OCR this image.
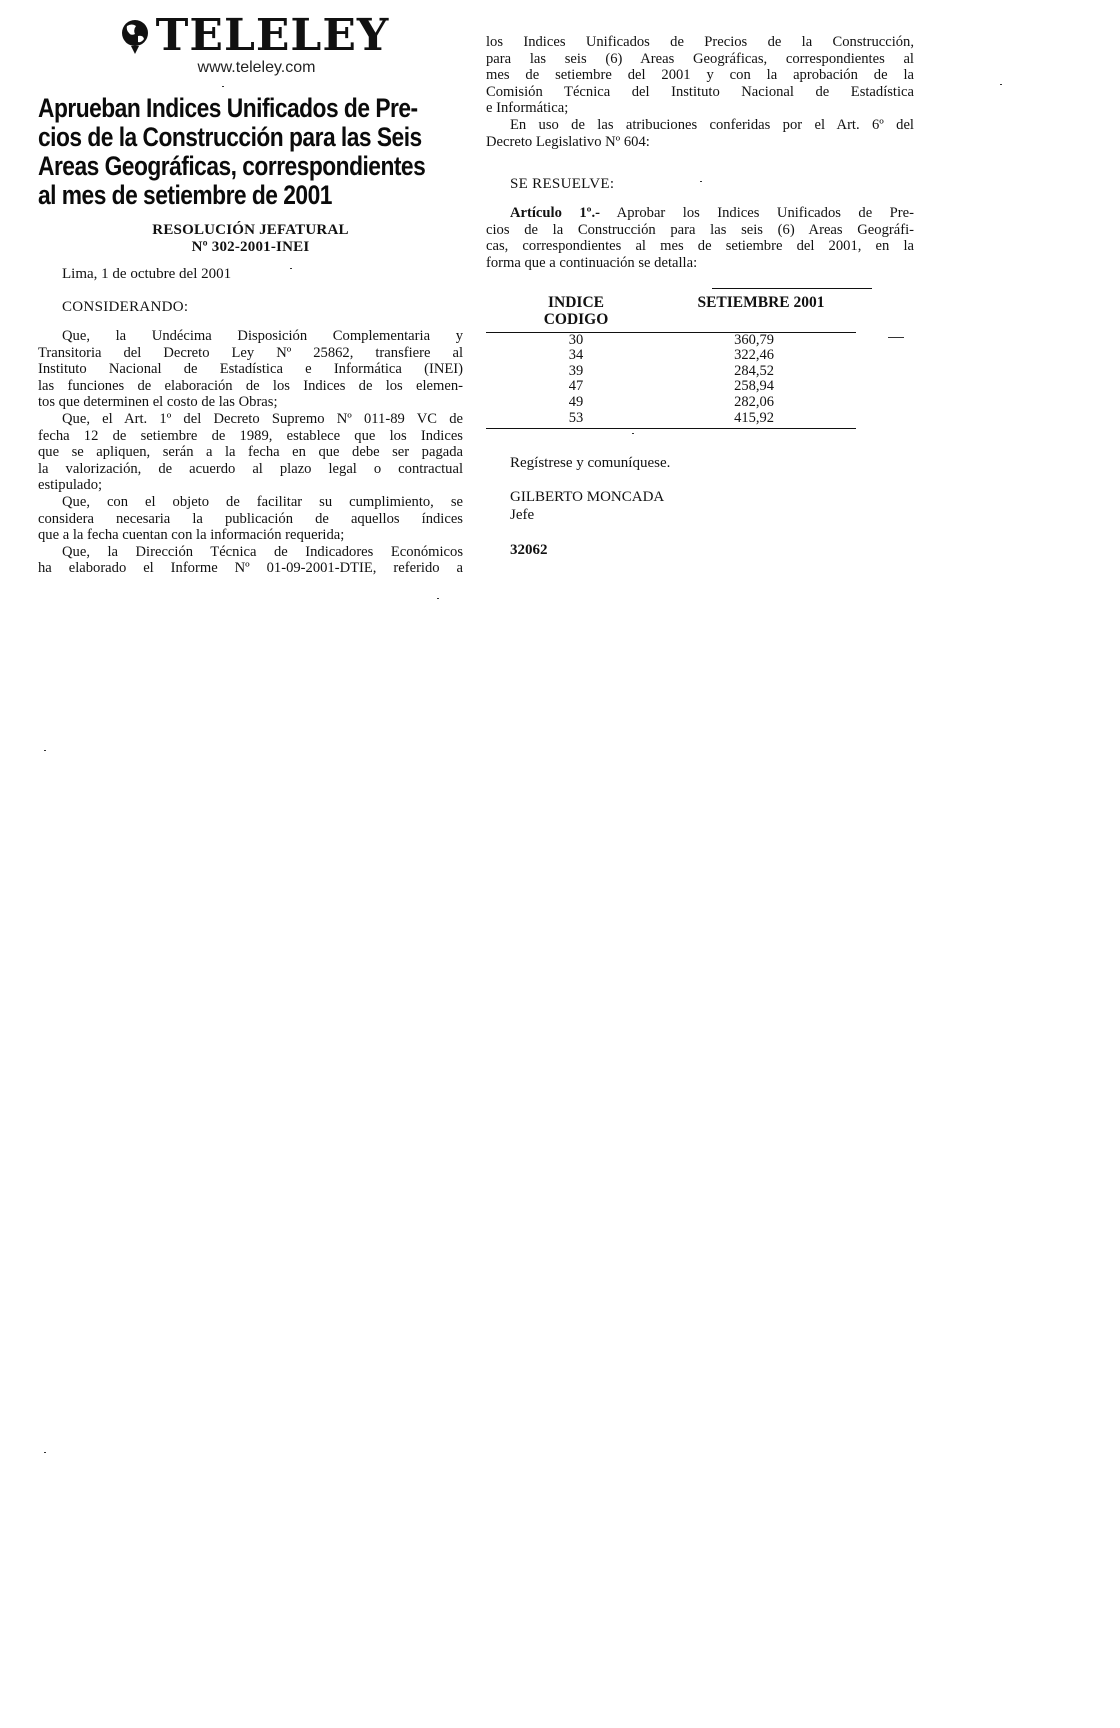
TELELEY
www.teleley.com
Aprueban Indices Unificados de Pre-
cios de la Construcción para las Seis
Areas Geográficas, correspondientes
al mes de setiembre de 2001
RESOLUCIÓN JEFATURAL
Nº 302-2001-INEI
Lima, 1 de octubre del 2001
CONSIDERANDO:
Que, la Undécima Disposición Complementaria y
Transitoria del Decreto Ley Nº 25862, transfiere al
Instituto Nacional de Estadística e Informática (INEI)
las funciones de elaboración de los Indices de los elemen-
tos que determinen el costo de las Obras;
Que, el Art. 1º del Decreto Supremo Nº 011-89 VC de
fecha 12 de setiembre de 1989, establece que los Indices
que se apliquen, serán a la fecha en que debe ser pagada
la valorización, de acuerdo al plazo legal o contractual
estipulado;
Que, con el objeto de facilitar su cumplimiento, se
considera necesaria la publicación de aquellos índices
que a la fecha cuentan con la información requerida;
Que, la Dirección Técnica de Indicadores Económicos
ha elaborado el Informe Nº 01-09-2001-DTIE, referido a
los Indices Unificados de Precios de la Construcción,
para las seis (6) Areas Geográficas, correspondientes al
mes de setiembre del 2001 y con la aprobación de la
Comisión Técnica del Instituto Nacional de Estadística
e Informática;
En uso de las atribuciones conferidas por el Art. 6º del
Decreto Legislativo Nº 604:
SE RESUELVE:
Artículo 1º.- Aprobar los Indices Unificados de Pre-
cios de la Construcción para las seis (6) Areas Geográfi-
cas, correspondientes al mes de setiembre del 2001, en la
forma que a continuación se detalla:
INDICE
CODIGO	SETIEMBRE 2001
30	360,79
34	322,46
39	284,52
47	258,94
49	282,06
53	415,92

Regístrese y comuníquese.
GILBERTO MONCADA
Jefe
32062
